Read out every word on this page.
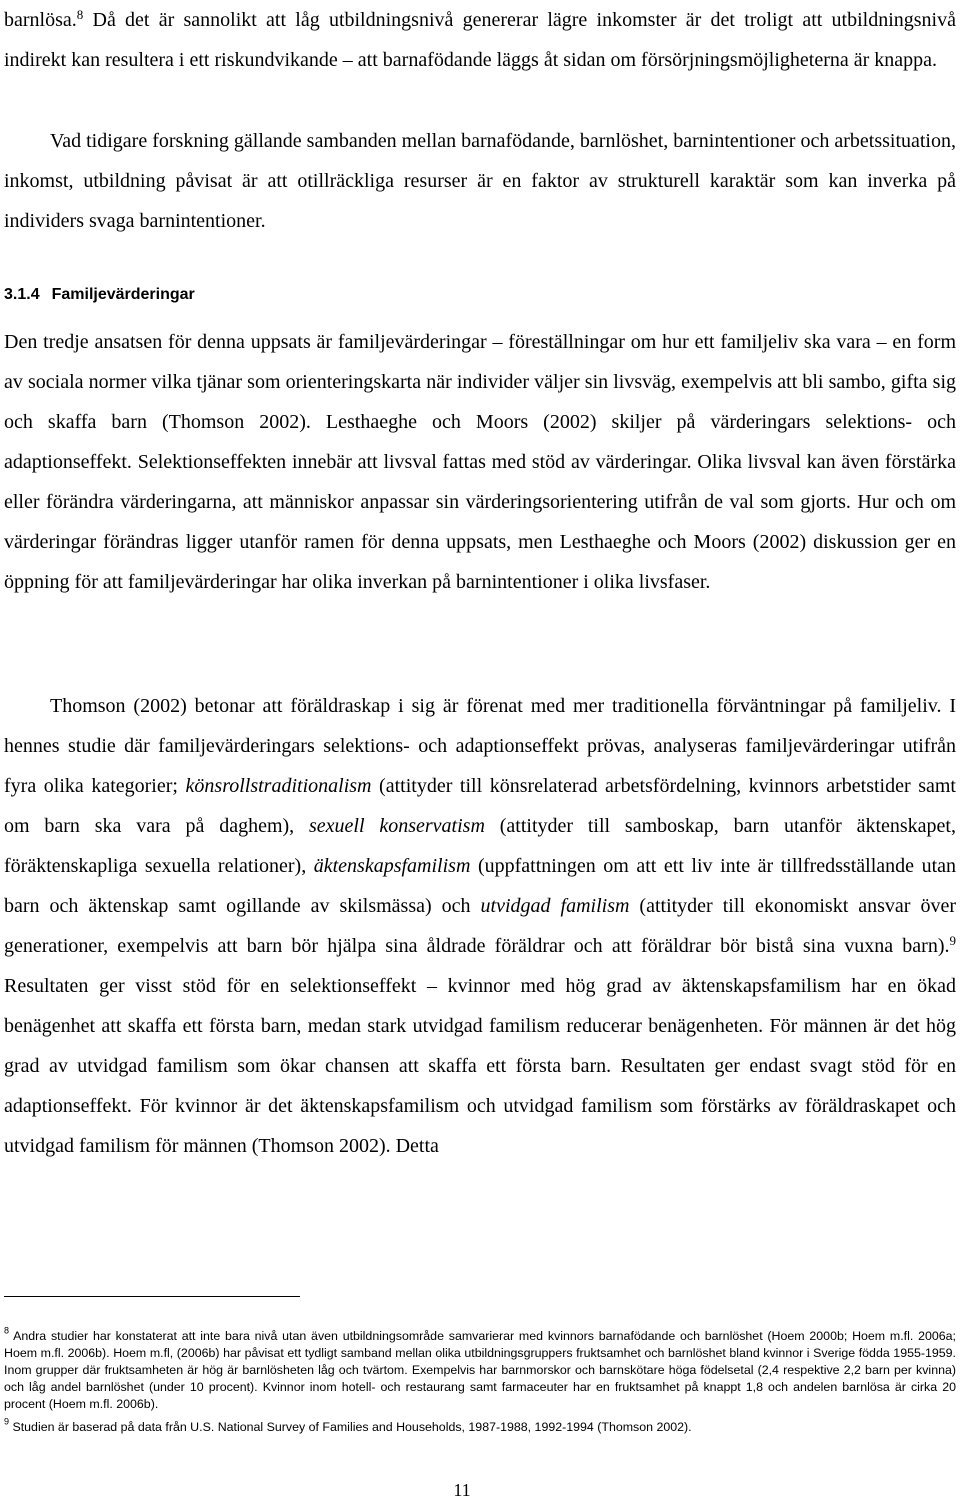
barnlösa.$^8$ Då det är sannolikt att låg utbildningsnivå genererar lägre inkomster är det troligt att utbildningsnivå indirekt kan resultera i ett riskundvikande – att barnafödande läggs åt sidan om försörjningsmöjligheterna är knappa.

Vad tidigare forskning gällande sambanden mellan barnafödande, barnlöshet, barnintentioner och arbetssituation, inkomst, utbildning påvisat är att otillräckliga resurser är en faktor av strukturell karaktär som kan inverka på individers svaga barnintentioner.

3.1.4 Familjevärderingar

Den tredje ansatsen för denna uppsats är familjevärderingar – föreställningar om hur ett familjeliv ska vara – en form av sociala normer vilka tjänar som orienteringskarta när individer väljer sin livsväg, exempelvis att bli sambo, gifta sig och skaffa barn (Thomson 2002). Lesthaeghe och Moors (2002) skiljer på värderingars selektions- och adaptionseffekt. Selektionseffekten innebär att livsval fattas med stöd av värderingar. Olika livsval kan även förstärka eller förändra värderingarna, att människor anpassar sin värderingsorientering utifrån de val som gjorts. Hur och om värderingar förändras ligger utanför ramen för denna uppsats, men Lesthaeghe och Moors (2002) diskussion ger en öppning för att familjevärderingar har olika inverkan på barnintentioner i olika livsfaser.

Thomson (2002) betonar att föräldraskap i sig är förenat med mer traditionella förväntningar på familjeliv. I hennes studie där familjevärderingars selektions- och adaptionseffekt prövas, analyseras familjevärderingar utifrån fyra olika kategorier; könsrollstraditionalism (attityder till könsrelaterad arbetsfördelning, kvinnors arbetstider samt om barn ska vara på daghem), sexuell konservatism (attityder till samboskap, barn utanför äktenskapet, föräktenskapliga sexuella relationer), äktenskapsfamilism (uppfattningen om att ett liv inte är tillfredsställande utan barn och äktenskap samt ogillande av skilsmässa) och utvidgad familism (attityder till ekonomiskt ansvar över generationer, exempelvis att barn bör hjälpa sina åldrade föräldrar och att föräldrar bör bistå sina vuxna barn).$^9$ Resultaten ger visst stöd för en selektionseffekt – kvinnor med hög grad av äktenskapsfamilism har en ökad benägenhet att skaffa ett första barn, medan stark utvidgad familism reducerar benägenheten. För männen är det hög grad av utvidgad familism som ökar chansen att skaffa ett första barn. Resultaten ger endast svagt stöd för en adaptionseffekt. För kvinnor är det äktenskapsfamilism och utvidgad familism som förstärks av föräldraskapet och utvidgad familism för männen (Thomson 2002). Detta

$^8$ Andra studier har konstaterat att inte bara nivå utan även utbildningsområde samvarierar med kvinnors barnafödande och barnlöshet (Hoem 2000b; Hoem m.fl. 2006a; Hoem m.fl. 2006b). Hoem m.fl, (2006b) har påvisat ett tydligt samband mellan olika utbildningsgruppers fruktsamhet och barnlöshet bland kvinnor i Sverige födda 1955-1959. Inom grupper där fruktsamheten är hög är barnlösheten låg och tvärtom. Exempelvis har barnmorskor och barnskötare höga födelsetal (2,4 respektive 2,2 barn per kvinna) och låg andel barnlöshet (under 10 procent). Kvinnor inom hotell- och restaurang samt farmaceuter har en fruktsamhet på knappt 1,8 och andelen barnlösa är cirka 20 procent (Hoem m.fl. 2006b).

$^9$ Studien är baserad på data från U.S. National Survey of Families and Households, 1987-1988, 1992-1994 (Thomson 2002).

11
